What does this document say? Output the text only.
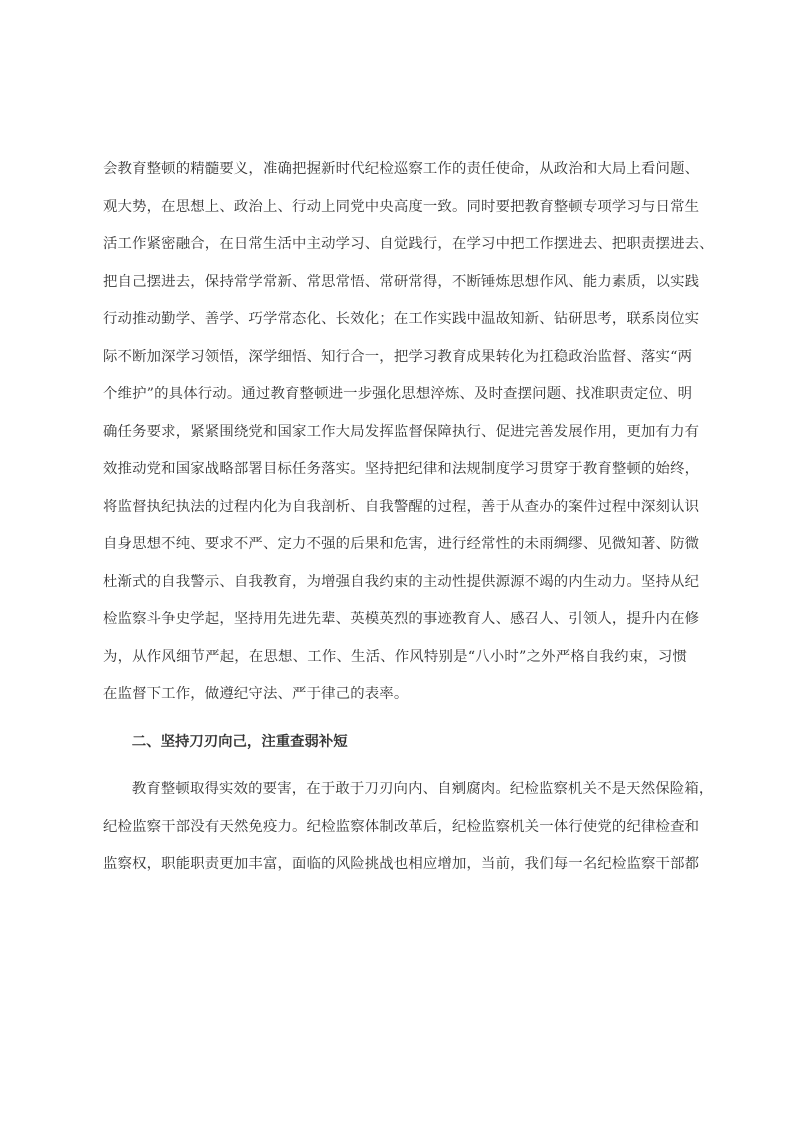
会教育整顿的精髓要义，准确把握新时代纪检巡察工作的责任使命，从政治和大局上看问题、
观大势，在思想上、政治上、行动上同党中央高度一致。同时要把教育整顿专项学习与日常生
活工作紧密融合，在日常生活中主动学习、自觉践行，在学习中把工作摆进去、把职责摆进去、
把自己摆进去，保持常学常新、常思常悟、常研常得，不断锤炼思想作风、能力素质，以实践
行动推动勤学、善学、巧学常态化、长效化；在工作实践中温故知新、钻研思考，联系岗位实
际不断加深学习领悟，深学细悟、知行合一，把学习教育成果转化为扛稳政治监督、落实“两
个维护”的具体行动。通过教育整顿进一步强化思想淬炼、及时查摆问题、找准职责定位、明
确任务要求，紧紧围绕党和国家工作大局发挥监督保障执行、促进完善发展作用，更加有力有
效推动党和国家战略部署目标任务落实。坚持把纪律和法规制度学习贯穿于教育整顿的始终，
将监督执纪执法的过程内化为自我剖析、自我警醒的过程，善于从查办的案件过程中深刻认识
自身思想不纯、要求不严、定力不强的后果和危害，进行经常性的未雨绸缪、见微知著、防微
杜渐式的自我警示、自我教育，为增强自我约束的主动性提供源源不竭的内生动力。坚持从纪
检监察斗争史学起，坚持用先进先辈、英模英烈的事迹教育人、感召人、引领人，提升内在修
为，从作风细节严起，在思想、工作、生活、作风特别是“八小时”之外严格自我约束，习惯
在监督下工作，做遵纪守法、严于律己的表率。
二、坚持刀刃向己，注重查弱补短
教育整顿取得实效的要害，在于敢于刀刃向内、自剜腐肉。纪检监察机关不是天然保险箱，
纪检监察干部没有天然免疫力。纪检监察体制改革后，纪检监察机关一体行使党的纪律检查和
监察权，职能职责更加丰富，面临的风险挑战也相应增加，当前，我们每一名纪检监察干部都
